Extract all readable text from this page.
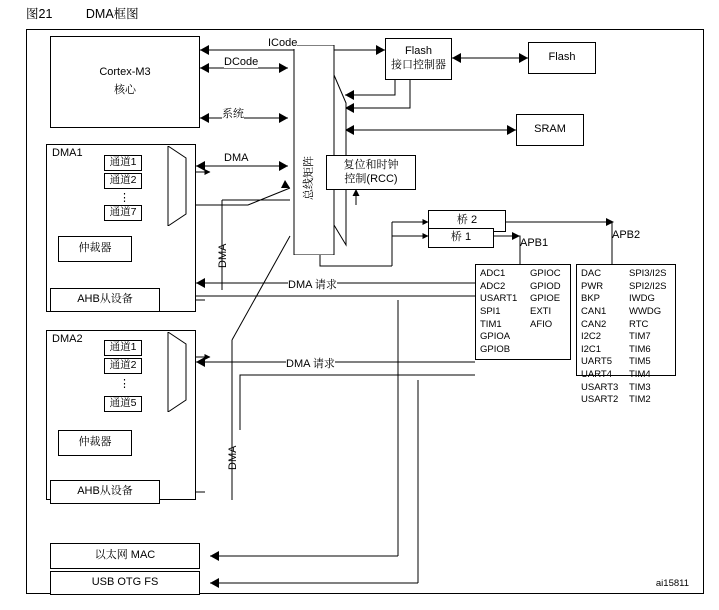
图21	DMA框图
总线矩阵
Cortex-M3
核心
Flash
接口控制器
Flash
SRAM
复位和时钟
控制(RCC)
桥 2
桥 1
DMA1
通道1
通道2
⋮
通道7
仲裁器
AHB从设备
DMA2
通道1
通道2
⋮
通道5
仲裁器
AHB从设备
以太网 MAC
USB OTG FS
ADC1
ADC2
USART1
SPI1
TIM1
GPIOA
GPIOB
GPIOC
GPIOD
GPIOE
EXTI
AFIO
DAC
PWR
BKP
CAN1
CAN2
I2C2
I2C1
UART5
UART4
USART3
USART2
SPI3/I2S
SPI2/I2S
IWDG
WWDG
RTC
TIM7
TIM6
TIM5
TIM4
TIM3
TIM2
ICode
DCode
系统
DMA
DMA
DMA
DMA 请求
DMA 请求
APB1
APB2
ai15811
